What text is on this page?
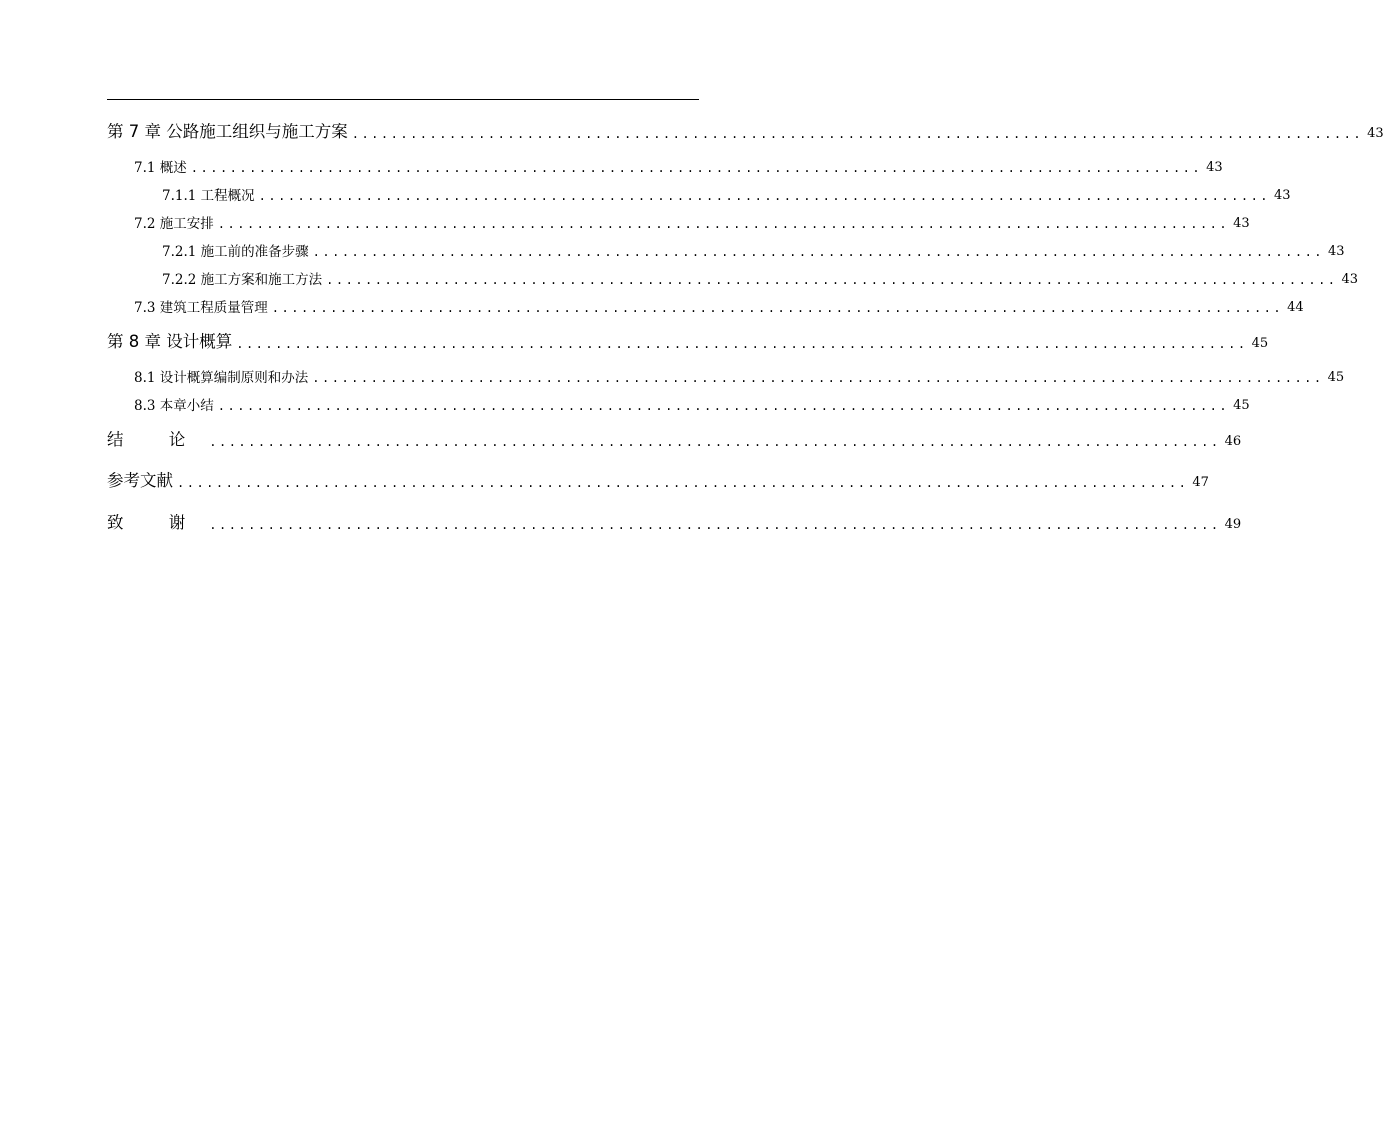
第 7 章 公路施工组织与施工方案 ........................................................................................................ 43
7.1 概述 ........................................................................................................ 43
7.1.1 工程概况 ........................................................................................................ 43
7.2 施工安排 ........................................................................................................ 43
7.2.1 施工前的准备步骤 ........................................................................................................ 43
7.2.2 施工方案和施工方法 ........................................................................................................ 43
7.3 建筑工程质量管理 ........................................................................................................ 44
第 8 章 设计概算 ........................................................................................................ 45
8.1 设计概算编制原则和办法 ........................................................................................................ 45
8.3 本章小结 ........................................................................................................ 45
结 论 ........................................................................................................ 46
参考文献 ........................................................................................................ 47
致 谢 ........................................................................................................ 49
